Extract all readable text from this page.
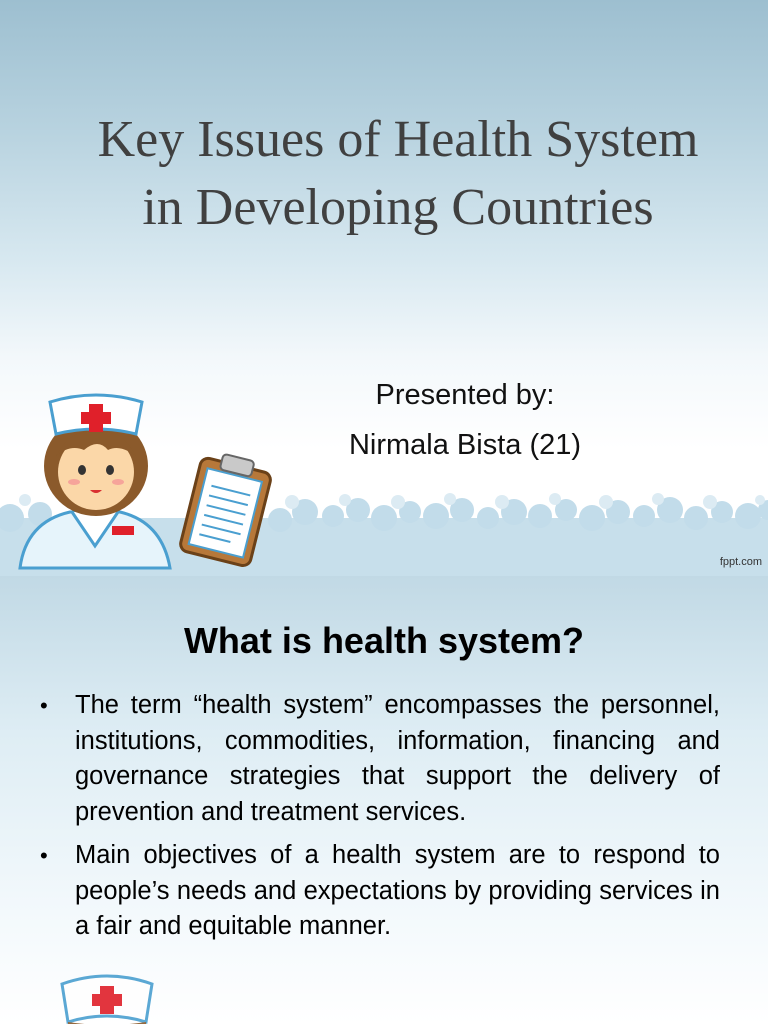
Key Issues of Health System
in Developing Countries
Presented by:
Nirmala Bista (21)
fppt.com
What is health system?
• The term “health system” encompasses the personnel, institutions, commodities, information, financing and governance strategies that support the delivery of prevention and treatment services.
• Main objectives of a health system are to respond to people’s needs and expectations by providing services in a fair and equitable manner.
